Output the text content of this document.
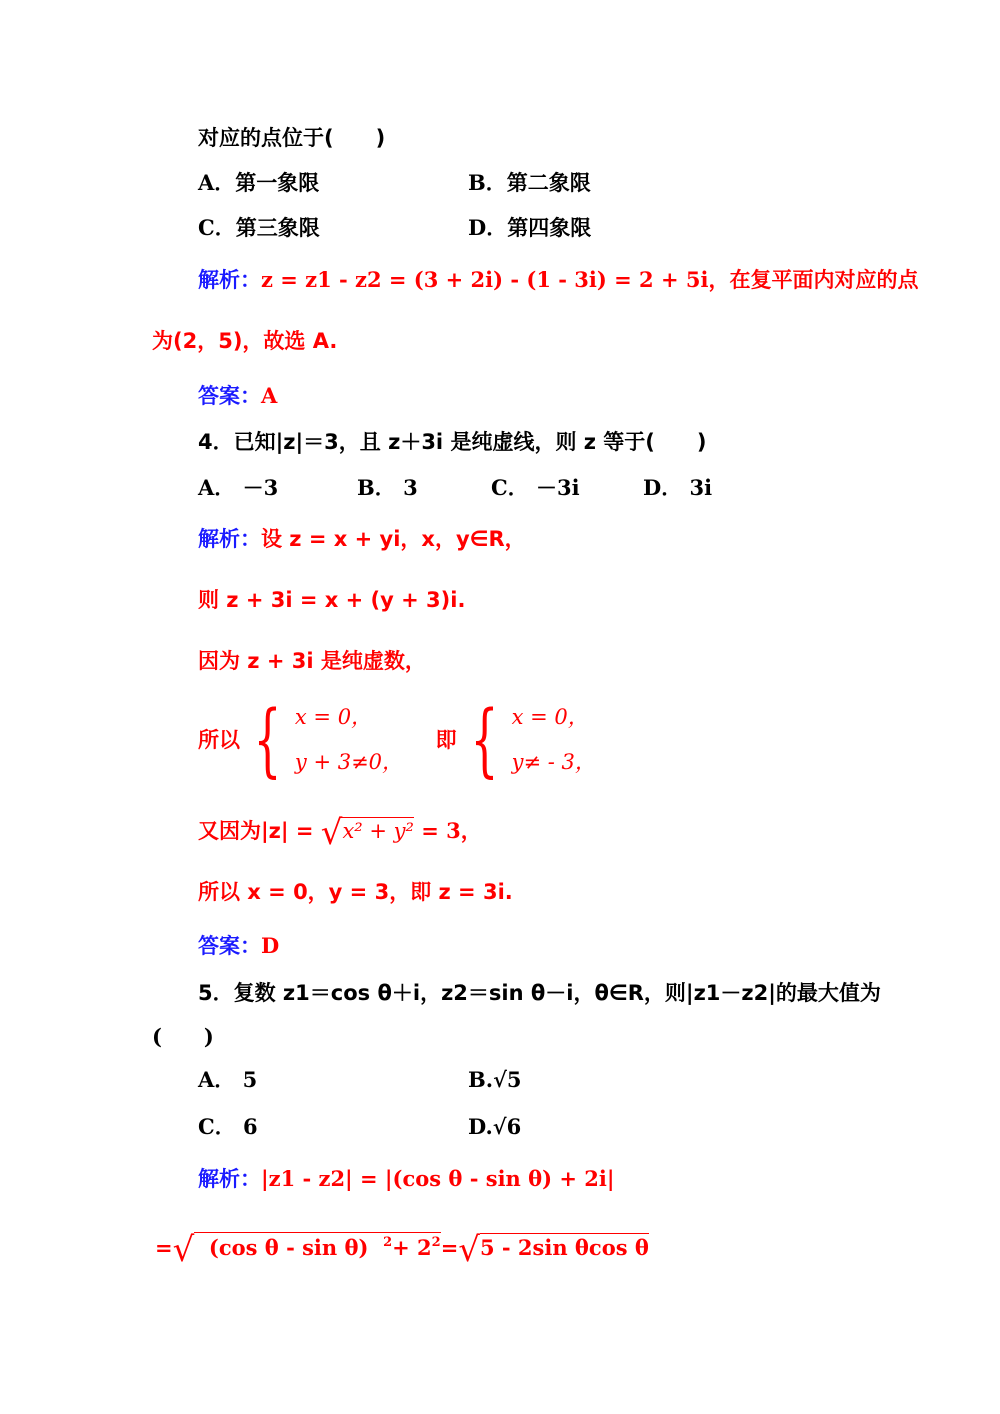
对应的点位于(　　)
A．第一象限	B．第二象限
C．第三象限	D．第四象限
解析：z = z1 - z2 = (3 + 2i) - (1 - 3i) = 2 + 5i，在复平面内对应的点
为(2，5)，故选 A.
答案：A
4．已知|z|＝3，且 z＋3i 是纯虚线，则 z 等于(　　)
A． －3	B． 3	C． －3i	D． 3i
解析：设 z = x + yi，x，y∈R，
则 z + 3i = x + (y + 3)i.
因为 z + 3i 是纯虚数，
所以 { x = 0，
y + 3≠0，

即 { x = 0，
y≠ - 3，
又因为|z| = √x² + y² = 3，
所以 x = 0，y = 3，即 z = 3i.
答案：D
5．复数 z1＝cos θ＋i，z2＝sin θ－i，θ∈R，则|z1－z2|的最大值为
(　　)
A． 5	B.√5
C． 6	D.√6
解析：|z1 - z2| = |(cos θ - sin θ) + 2i|
=√ (cos θ - sin θ) $^2+ 2^2=√5 - 2\sin$ θcos θ
